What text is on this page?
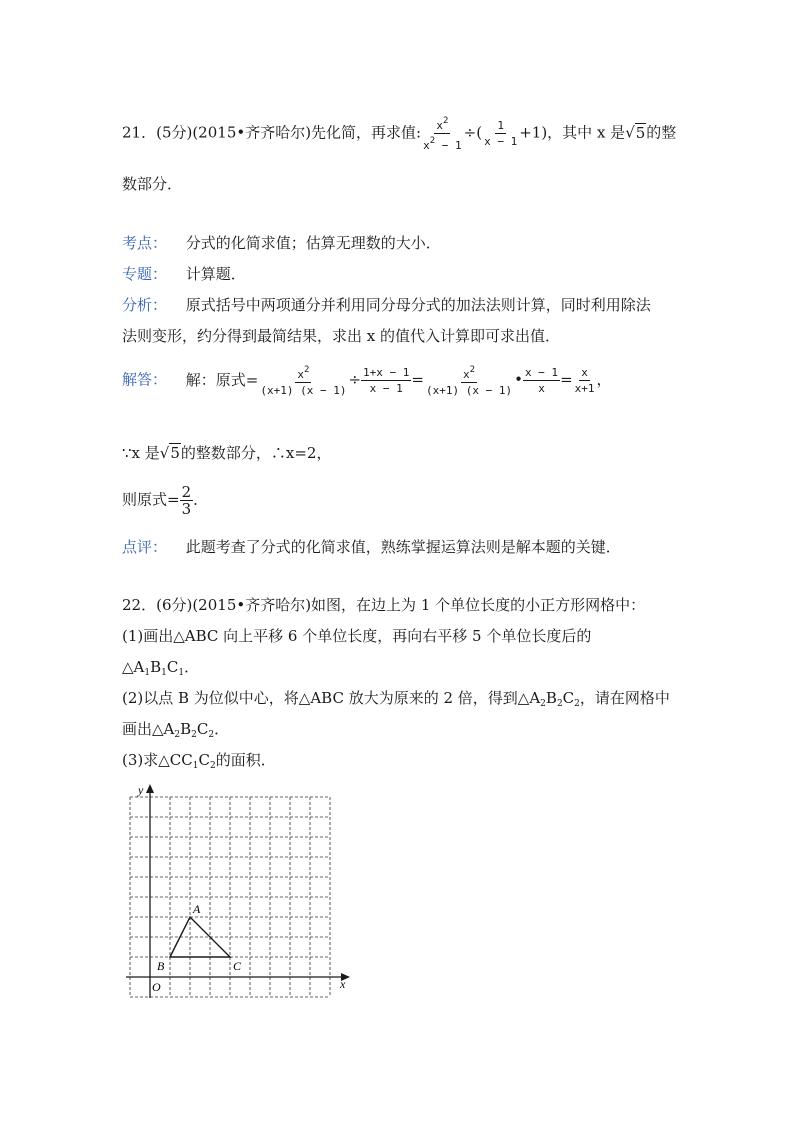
21．(5分)(2015•齐齐哈尔)先化简，再求值: $\frac{x^2}{x^2 - 1}$ ÷( $\frac{1}{x - 1} +1$)，其中 x 是√5的整
数部分．
考点： 分式的化简求值；估算无理数的大小．
专题： 计算题．
分析： 原式括号中两项通分并利用同分母分式的加法法则计算，同时利用除法
法则变形，约分得到最简结果，求出 x 的值代入计算即可求出值．
解答： 解：原式= $\frac{x^2}{(x+1) (x - 1)} \div \frac{1+x - 1}{x - 1} = \frac{x^2}{(x+1) (x - 1)}$ • $\frac{x - 1}{x} = \frac{x}{x+1}$ ，
∵x 是√5的整数部分，∴x=2，
则原式= $\frac{2}{3}$ ．
点评： 此题考查了分式的化简求值，熟练掌握运算法则是解本题的关键．
22．(6分)(2015•齐齐哈尔)如图，在边上为 1 个单位长度的小正方形网格中：
(1)画出△ABC 向上平移 6 个单位长度，再向右平移 5 个单位长度后的
$\triangle A_1B_1C_1$．
(2)以点 B 为位似中心，将△ABC 放大为原来的 2 倍，得到$\triangle A_2B_2C_2$，请在网格中
画出$\triangle A_2B_2C_2$．
(3)求$\triangle CC_1C_2$的面积．
y
x
O
A
B	C
